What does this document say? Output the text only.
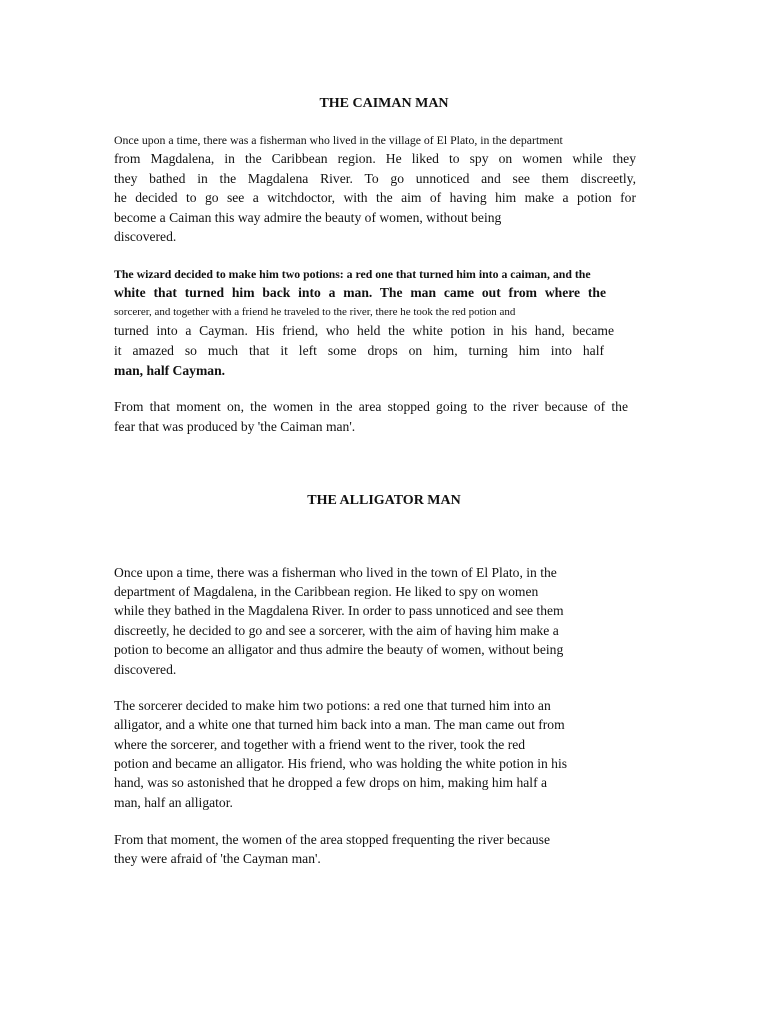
THE CAIMAN MAN

Once upon a time, there was a fisherman who lived in the village of El Plato, in the department

from Magdalena, in the Caribbean region. He liked to spy on women while they

they bathed in the Magdalena River. To go unnoticed and see them discreetly,

he decided to go see a witchdoctor, with the aim of having him make a potion for

become a Caiman this way admire the beauty of women, without being

discovered.

The wizard decided to make him two potions: a red one that turned him into a caiman, and the

white that turned him back into a man. The man came out from where the

sorcerer, and together with a friend he traveled to the river, there he took the red potion and

turned into a Cayman. His friend, who held the white potion in his hand, became

it amazed so much that it left some drops on him, turning him into half

man, half Cayman.

From that moment on, the women in the area stopped going to the river because of the

fear that was produced by 'the Caiman man'.

THE ALLIGATOR MAN

Once upon a time, there was a fisherman who lived in the town of El Plato, in the

department of Magdalena, in the Caribbean region. He liked to spy on women

while they bathed in the Magdalena River. In order to pass unnoticed and see them

discreetly, he decided to go and see a sorcerer, with the aim of having him make a

potion to become an alligator and thus admire the beauty of women, without being

discovered.

The sorcerer decided to make him two potions: a red one that turned him into an

alligator, and a white one that turned him back into a man. The man came out from

where the sorcerer, and together with a friend went to the river, took the red

potion and became an alligator. His friend, who was holding the white potion in his

hand, was so astonished that he dropped a few drops on him, making him half a

man, half an alligator.

From that moment, the women of the area stopped frequenting the river because

they were afraid of 'the Cayman man'.
